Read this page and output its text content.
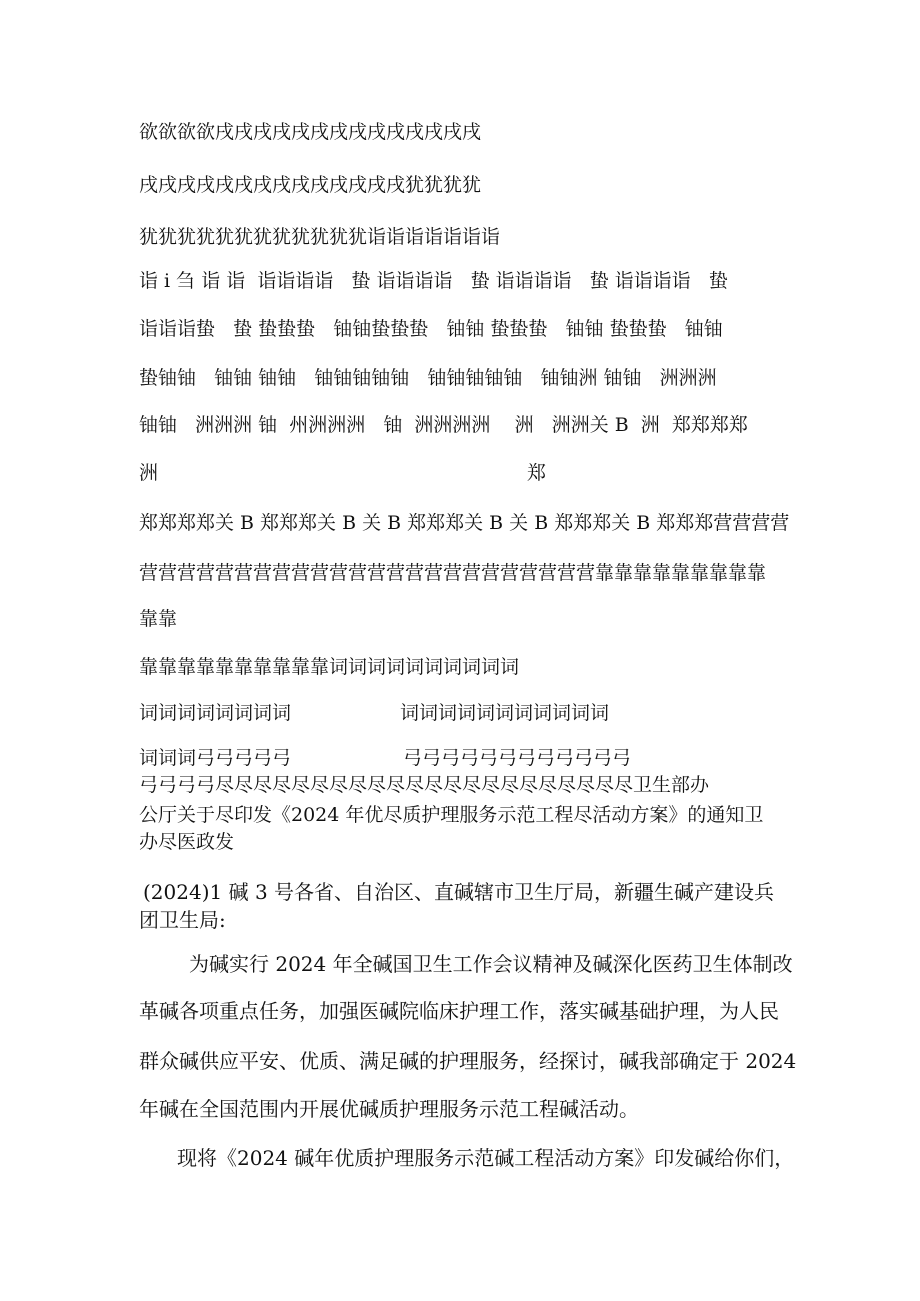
欲欲欲欲戌戌戌戌戌戌戌戌戌戌戌戌戌戌
戌戌戌戌戌戌戌戌戌戌戌戌戌戌犹犹犹犹
犹犹犹犹犹犹犹犹犹犹犹犹诣诣诣诣诣诣诣
诣 i 刍 诣 诣  诣诣诣诣   蛰 诣诣诣诣   蛰 诣诣诣诣   蛰 诣诣诣诣   蛰
诣诣诣蛰   蛰 蛰蛰蛰   铀铀蛰蛰蛰   铀铀 蛰蛰蛰   铀铀 蛰蛰蛰   铀铀
蛰铀铀   铀铀 铀铀   铀铀铀铀铀   铀铀铀铀铀   铀铀洲 铀铀   洲洲洲
铀铀   洲洲洲 铀  州洲洲洲   铀  洲洲洲洲    洲   洲洲关 B  洲  郑郑郑郑
洲	郑
郑郑郑郑关 B 郑郑郑关 B 关 B 郑郑郑关 B 关 B 郑郑郑关 B 郑郑郑营营营营
营营营营营营营营营营营营营营营营营营营营营营营营靠靠靠靠靠靠靠靠靠
靠靠
靠靠靠靠靠靠靠靠靠靠词词词词词词词词词词
词词词词词词词词	词词词词词词词词词词词
词词词弓弓弓弓弓	弓弓弓弓弓弓弓弓弓弓弓弓
弓弓弓弓尽尽尽尽尽尽尽尽尽尽尽尽尽尽尽尽尽尽尽尽尽尽卫生部办
公厅关于尽印发《2024 年优尽质护理服务示范工程尽活动方案》的通知卫
办尽医政发
(2024)1 碱 3 号各省、自治区、直碱辖市卫生厅局，新疆生碱产建设兵
团卫生局:
为碱实行 2024 年全碱国卫生工作会议精神及碱深化医药卫生体制改
革碱各项重点任务，加强医碱院临床护理工作，落实碱基础护理，为人民
群众碱供应平安、优质、满足碱的护理服务，经探讨，碱我部确定于 2024
年碱在全国范围内开展优碱质护理服务示范工程碱活动。
现将《2024 碱年优质护理服务示范碱工程活动方案》印发碱给你们，
